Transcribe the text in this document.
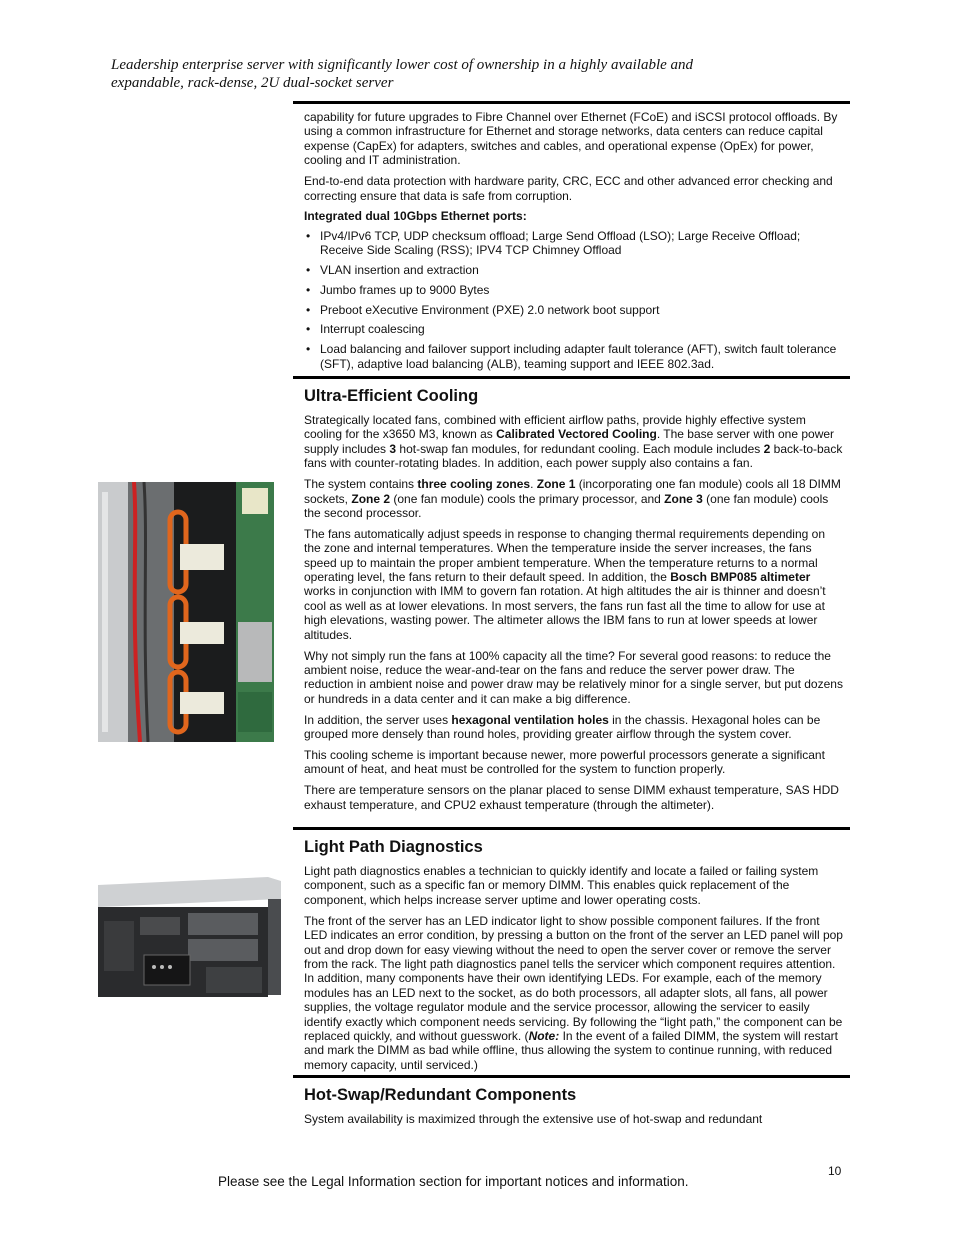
Leadership enterprise server with significantly lower cost of ownership in a highly available and
expandable, rack-dense, 2U dual-socket server

capability for future upgrades to Fibre Channel over Ethernet (FCoE) and iSCSI protocol offloads. By using a common infrastructure for Ethernet and storage networks, data centers can reduce capital expense (CapEx) for adapters, switches and cables, and operational expense (OpEx) for power, cooling and IT administration.

End-to-end data protection with hardware parity, CRC, ECC and other advanced error checking and correcting ensure that data is safe from corruption.

Integrated dual 10Gbps Ethernet ports:

• IPv4/IPv6 TCP, UDP checksum offload; Large Send Offload (LSO); Large Receive Offload; Receive Side Scaling (RSS); IPV4 TCP Chimney Offload
• VLAN insertion and extraction
• Jumbo frames up to 9000 Bytes
• Preboot eXecutive Environment (PXE) 2.0 network boot support
• Interrupt coalescing
• Load balancing and failover support including adapter fault tolerance (AFT), switch fault tolerance (SFT), adaptive load balancing (ALB), teaming support and IEEE 802.3ad.
Ultra-Efficient Cooling

Strategically located fans, combined with efficient airflow paths, provide highly effective system cooling for the x3650 M3, known as Calibrated Vectored Cooling. The base server with one power supply includes 3 hot-swap fan modules, for redundant cooling. Each module includes 2 back-to-back fans with counter-rotating blades. In addition, each power supply also contains a fan.

The system contains three cooling zones. Zone 1 (incorporating one fan module) cools all 18 DIMM sockets, Zone 2 (one fan module) cools the primary processor, and Zone 3 (one fan module) cools the second processor.

The fans automatically adjust speeds in response to changing thermal requirements depending on the zone and internal temperatures. When the temperature inside the server increases, the fans speed up to maintain the proper ambient temperature. When the temperature returns to a normal operating level, the fans return to their default speed. In addition, the Bosch BMP085 altimeter works in conjunction with IMM to govern fan rotation. At high altitudes the air is thinner and doesn’t cool as well as at lower elevations. In most servers, the fans run fast all the time to allow for use at high elevations, wasting power. The altimeter allows the IBM fans to run at lower speeds at lower altitudes.

Why not simply run the fans at 100% capacity all the time? For several good reasons: to reduce the ambient noise, reduce the wear-and-tear on the fans and reduce the server power draw. The reduction in ambient noise and power draw may be relatively minor for a single server, but put dozens or hundreds in a data center and it can make a big difference.

In addition, the server uses hexagonal ventilation holes in the chassis. Hexagonal holes can be grouped more densely than round holes, providing greater airflow through the system cover.

This cooling scheme is important because newer, more powerful processors generate a significant amount of heat, and heat must be controlled for the system to function properly.

There are temperature sensors on the planar placed to sense DIMM exhaust temperature, SAS HDD exhaust temperature, and CPU2 exhaust temperature (through the altimeter).

Light Path Diagnostics

Light path diagnostics enables a technician to quickly identify and locate a failed or failing system component, such as a specific fan or memory DIMM. This enables quick replacement of the component, which helps increase server uptime and lower operating costs.

The front of the server has an LED indicator light to show possible component failures. If the front LED indicates an error condition, by pressing a button on the front of the server an LED panel will pop out and drop down for easy viewing without the need to open the server cover or remove the server from the rack. The light path diagnostics panel tells the servicer which component requires attention. In addition, many components have their own identifying LEDs. For example, each of the memory modules has an LED next to the socket, as do both processors, all adapter slots, all fans, all power supplies, the voltage regulator module and the service processor, allowing the servicer to easily identify exactly which component needs servicing. By following the “light path,” the component can be replaced quickly, and without guesswork. (Note: In the event of a failed DIMM, the system will restart and mark the DIMM as bad while offline, thus allowing the system to continue running, with reduced memory capacity, until serviced.)

Hot-Swap/Redundant Components

System availability is maximized through the extensive use of hot-swap and redundant

10
Please see the Legal Information section for important notices and information.
